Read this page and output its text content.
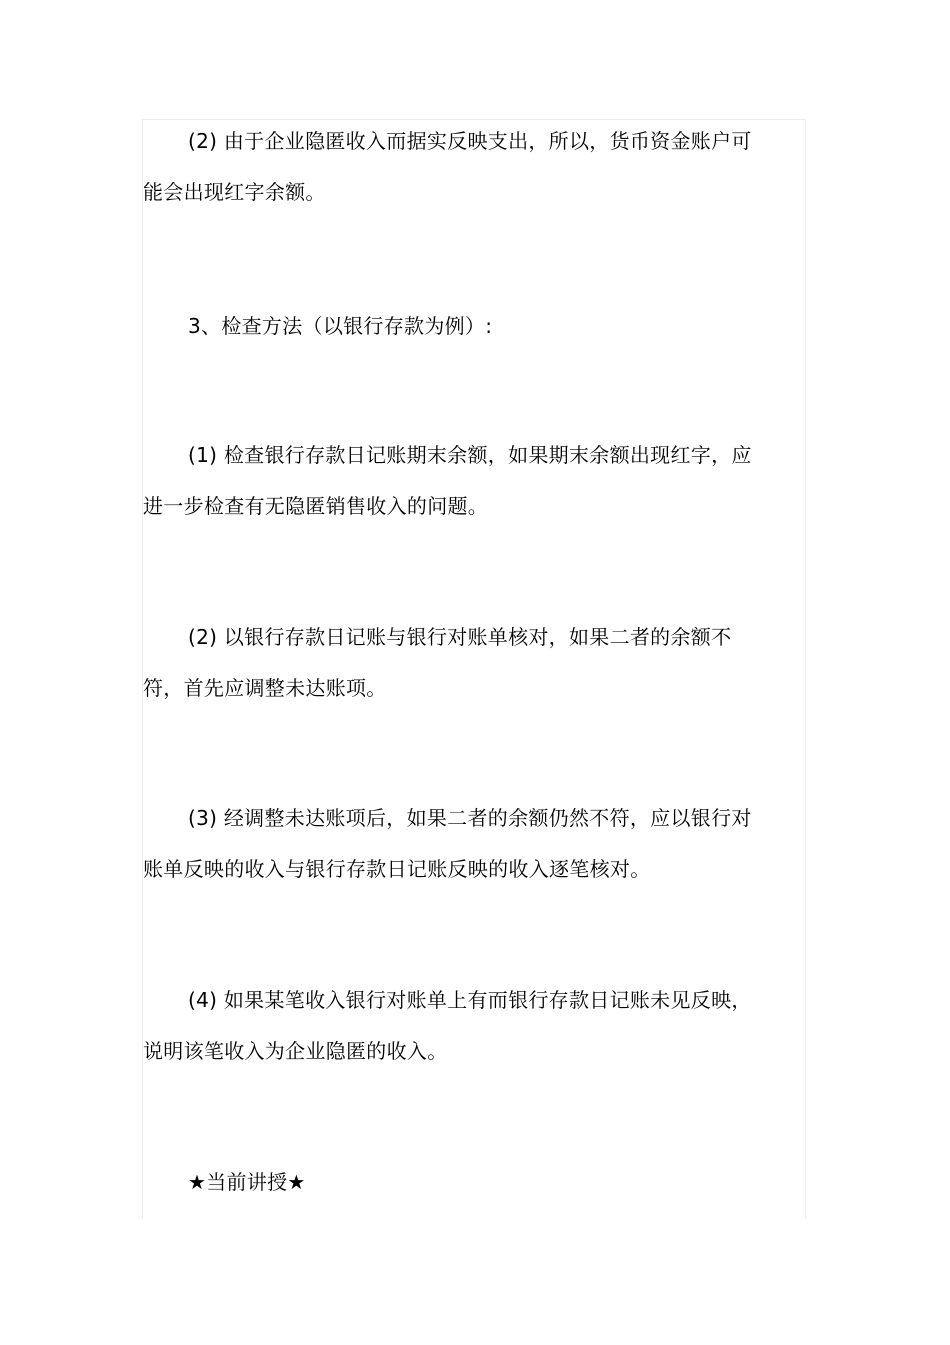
(2) 由于企业隐匿收入而据实反映支出，所以，货币资金账户可
能会出现红字余额。
3、检查方法（以银行存款为例）:
(1) 检查银行存款日记账期末余额，如果期末余额出现红字，应
进一步检查有无隐匿销售收入的问题。
(2) 以银行存款日记账与银行对账单核对，如果二者的余额不
符，首先应调整未达账项。
(3) 经调整未达账项后，如果二者的余额仍然不符，应以银行对
账单反映的收入与银行存款日记账反映的收入逐笔核对。
(4) 如果某笔收入银行对账单上有而银行存款日记账未见反映，
说明该笔收入为企业隐匿的收入。
★当前讲授★
